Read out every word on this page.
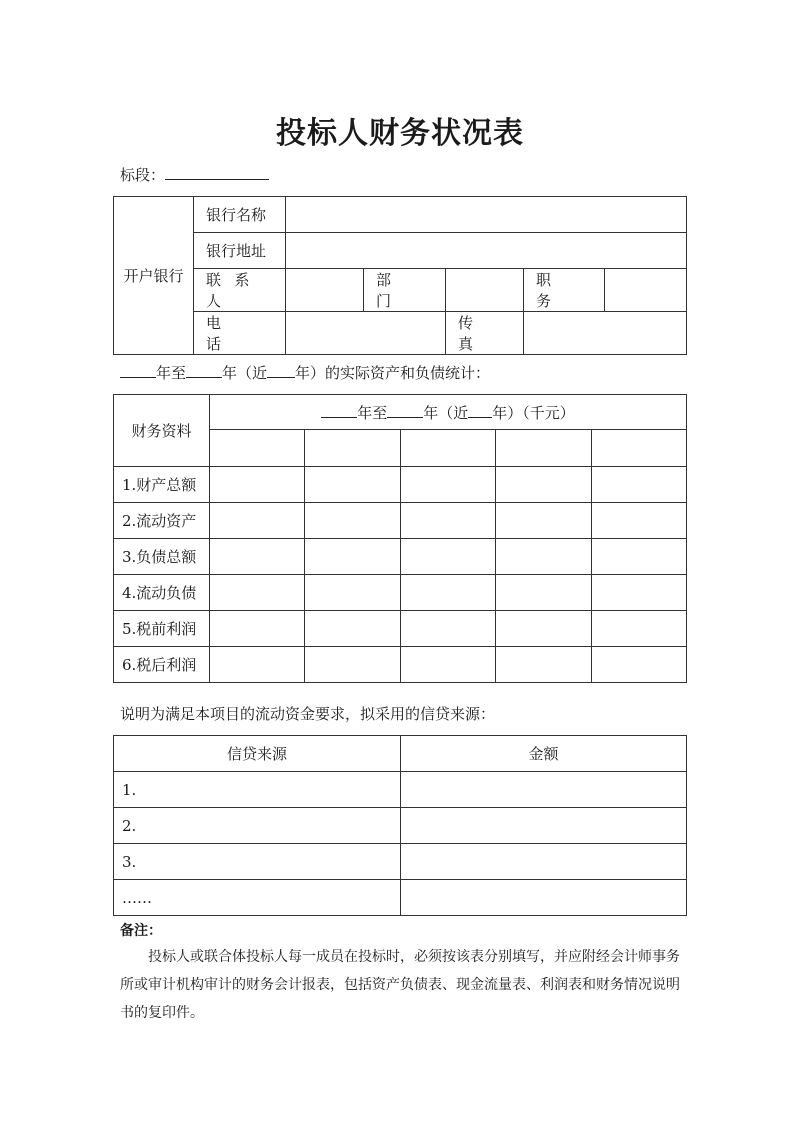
投标人财务状况表
标段：
开户银行	银行名称					
	银行地址					
	联系人		部门		职务	
	电话			传真		
年至 年（近 年）的实际资产和负债统计：
财务资料	年至 年（近 年）（千元）				

1.财产总额					
2.流动资产					
3.负债总额					
4.流动负债					
5.税前利润					
6.税后利润					
说明为满足本项目的流动资金要求，拟采用的信贷来源：
信贷来源	金额
1.	
2.	
3.	
……	
备注：
投标人或联合体投标人每一成员在投标时，必须按该表分别填写，并应附经会计师事务所或审计机构审计的财务会计报表，包括资产负债表、现金流量表、利润表和财务情况说明书的复印件。
